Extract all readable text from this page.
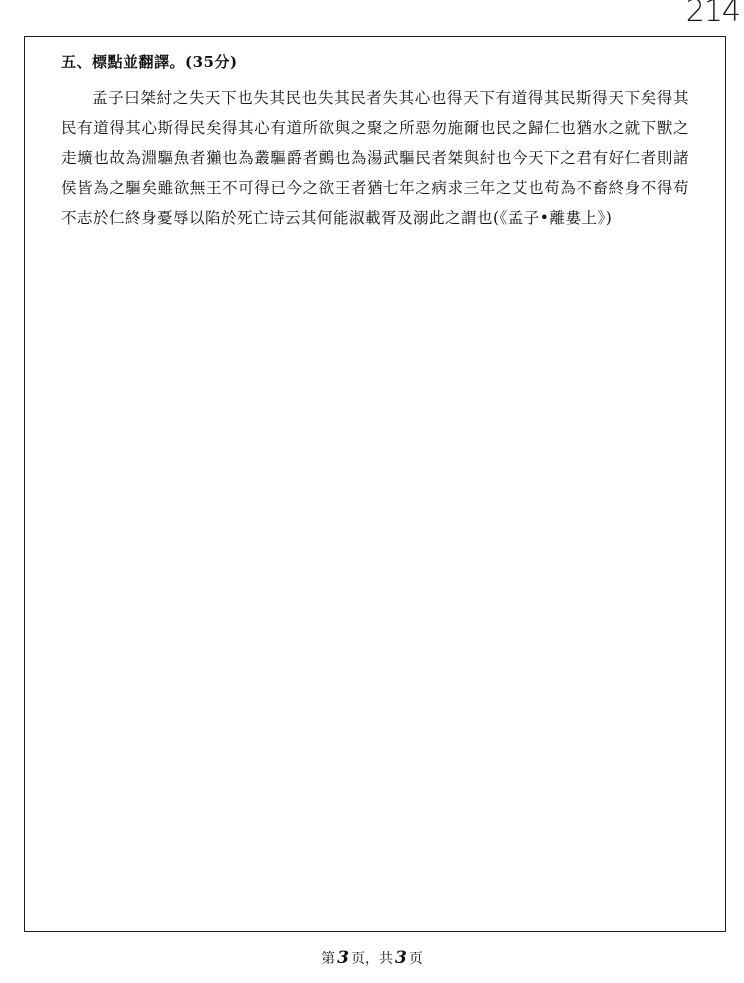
214
五、標點並翻譯。(35分)
孟子曰桀紂之失天下也失其民也失其民者失其心也得天下有道得其民斯得天下矣得其民有道得其心斯得民矣得其心有道所欲與之聚之所惡勿施爾也民之歸仁也猶水之就下獸之走壙也故為淵驅魚者獺也為叢驅爵者鸇也為湯武驅民者桀與紂也今天下之君有好仁者則諸侯皆為之驅矣雖欲無王不可得已今之欲王者猶七年之病求三年之艾也苟為不畜終身不得苟不志於仁終身憂辱以陷於死亡诗云其何能淑載胥及溺此之謂也(《孟子•離婁上》)
第 3 页，共 3 页
